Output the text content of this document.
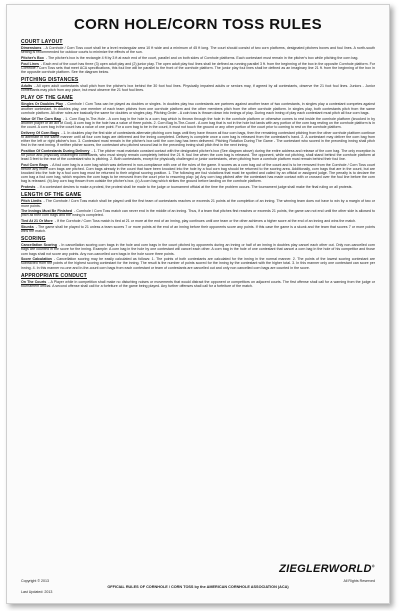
CORN HOLE/CORN TOSS RULES
COURT LAYOUT
Dimensions - A Cornhole / Corn Toss court shall be a level rectangular area 10 ft wide and a minimum of 45 ft long. The court should consist of two corn platforms, designated pitchers boxes and foul lines. A north-south setting is recommended for outdoor courts to minimize the effects of the sun.
Pitcher's Box - The pitcher's box is the rectangle 4 ft by 3 ft at each end of the court, parallel and on both sides of Cornhole platforms. Each contestant must remain in the pitcher's box while pitching the corn bag.
Foul Lines - Each end of the court has three (3) open adult play and (2) junior play. The open adult play foul lines shall be defined as running parallel 3 ft. from the beginning of the box in the opposite Cornhole platform. For Cornhole / Corn Toss sets that meet ACA specifications, this foul line will be parallel to the front of the cornhole platform. The junior play foul lines shall be defined as an imaginary line 21 ft. from the beginning of the box in the opposite cornhole platform. See the diagram below.
PITCHING DISTANCES
Adults - All open adult contestants shall pitch from the pitcher's box behind the 30 foot foul lines. Physically impaired adults or seniors may, if agreed by all contestants, observe the 21 foot foul lines. Juniors - Junior contestants may pitch from any place, but must observe the 21 foot foul lines.
PLAY OF THE GAME
Singles Or Doubles Play - Cornhole / Corn Toss can be played as doubles or singles. In doubles play two contestants are partners against another team of two contestants, in singles play a contestant competes against another contestant. In doubles play, one member of each team pitches from one cornhole platform and the other members pitch from the other cornhole platform. In singles play, both contestants pitch from the same cornhole platform. All other rules are basically the same for doubles or singles play. Pitching Order - A coin toss is thrown down into innings of play. During each inning of play each contestant must pitch all four corn bags.
Value Of The Corn Bag - 1. Corn Bag In-The-Hole - A corn bag in the hole is a corn bag which is thrown through the hole in the cornhole platform or otherwise comes to rest inside the cornhole platform (knocked in by another player or an act of God). A corn bag in the hole has a value of three points. 2. Corn Bag In-The-Count - A corn bag that is not in the hole but lands with any portion of the corn bag resting on the cornhole platform is in the count. A corn bag in the count has a value of one point. For a corn bag to be in the count, it must not touch the ground or any other portion of the court prior to coming to rest on the cornhole platform.
Delivery Of Corn Bags - 1. In doubles play the first side of contestants alternate pitching corn bags until they have thrown all four corn bags, then the remaining contestant pitching from the other cornhole platform continue to alternate in the same manner until all four corn bags are delivered and the inning completed. Delivery is complete once a corn bag is released from the contestant's hand. 2. A contestant may deliver the corn bag from either the left or right pitcher's box. 3. Contestant must remain in the pitcher's box until the corn bag has been delivered. Pitching Rotation During The Game - The contestant who scored in the preceding inning shall pitch first in the next inning. If neither pitcher scores, the contestant who pitched second last in the preceding inning shall pitch first in the next inning.
Position Of Contestants During Delivery - 1. The pitcher must maintain constant contact with the designated pitcher's box (See diagram above) during the entire address and release of the corn bag. The only exception is for junior and physically challenged contestants, who must simply remain completely behind the 21 ft. foul line when the corn bag is released. The opponent, while not pitching, shall stand behind the cornhole platform at least 3 feet to the rear of the contestant who is pitching. 2. Both contestants, except for physically challenged or junior contestants, when pitching from a cornhole platform must remain behind their foul line.
Foul Corn Bags - A foul corn bag is a corn bag which was delivered in non-compliance with one of the rules of the game. It scores as a corn bag out of the count and is to be removed from the Cornhole / Corn Toss court before any more corn bags are pitched. Corn bags already in the count that have been knocked into the hole by a foul corn bag should be returned to the scoring area. Additionally, corn bags that are in the count, but are knocked into the hole by a foul corn bag must be returned to their original scoring position. 1. The following are foul violations that must be spotted and called by an official or assigned judge. The penalty is to declare the corn bag a foul corn bag, which requires the corn bags to be removed from the court prior to resuming play: (a) Any corn bag pitched after the contestant has made contact with or crossed over the foul line before the corn bag is released. (b) Any corn bag thrown from outside the pitcher's box. (c) A corn bag which strikes the ground before landing on the cornhole platform.
Protests - If a contestant desires to make a protest, the protest shall be made to the judge or tournament official at the time the problem occurs. The tournament judge shall make the final ruling on all protests.
LENGTH OF THE GAME
Pitch Limits - The Cornhole / Corn Toss match shall be played until the first team of contestants reaches or exceeds 21 points at the completion of an inning. The winning team does not have to win by a margin of two or more points.
The Innings Must Be Finished - Cornhole / Corn Toss match can never end in the middle of an inning. Thus, if a team that pitches first reaches or exceeds 21 points, the game can not end until the other side is allowed to pitch all their corn bags and the inning is completed.
Tied At 21 Or More - If the Cornhole / Corn Toss match is tied at 21 or more at the end of an inning, play continues until one team or the other achieves a higher score at the end of an inning and wins the match.
Skunks - The game shall be played to 21 unless a team scores 7 or more points at the end of an inning before their opponents score any points. If this case the game is a skunk and the team that scores 7 or more points wins the match.
SCORING
Cancellation Scoring - In cancellation scoring corn bags in the hole and corn bags in the count pitched by opponents during an inning or half of an inning in doubles play cancel each other out. Only non-cancelled corn bags are counted in the score for the inning. Example: A corn bag in the hole by one contestant will cancel each other. A corn bag in the hole of one contestant that cancel a corn bag in the hole of his competitor and those corn bags shall not score any points. Any non-cancelled corn bags in the hole score three points.
Score Calculation - Cancellation scoring may be easily calculated as follows: 1. The points of both contestants are calculated for the inning in the normal manner. 2. The points of the lowest scoring contestant are subtracted from the points of the highest scoring contestant for the inning. The result is the number of points scored for the inning by the contestant with the higher total. 3. In this manner only one contestant can score per inning. 4. In this manner no-one and in-the-count corn bags from each contestant or team of contestants are cancelled out and only non cancelled corn bags are counted in the score.
APPROPRIATE CONDUCT
On The Courts - A Player while in competition shall make no disturbing noises or movements that would distract the opponent or competitors on adjacent courts. The first offense shall call for a warning from the judge or tournament official. A second offense shall call for a forfeiture of the game being played. Any further offenses shall call for a forfeiture of the match.
ZIEGLERWORLD®
Copyright © 2013	All Rights Reserved
OFFICIAL RULES OF CORNHOLE / CORN TOSS by the AMERICAN CORNHOLE ASSOCIATION (ACA)
Last Updated: 2013
